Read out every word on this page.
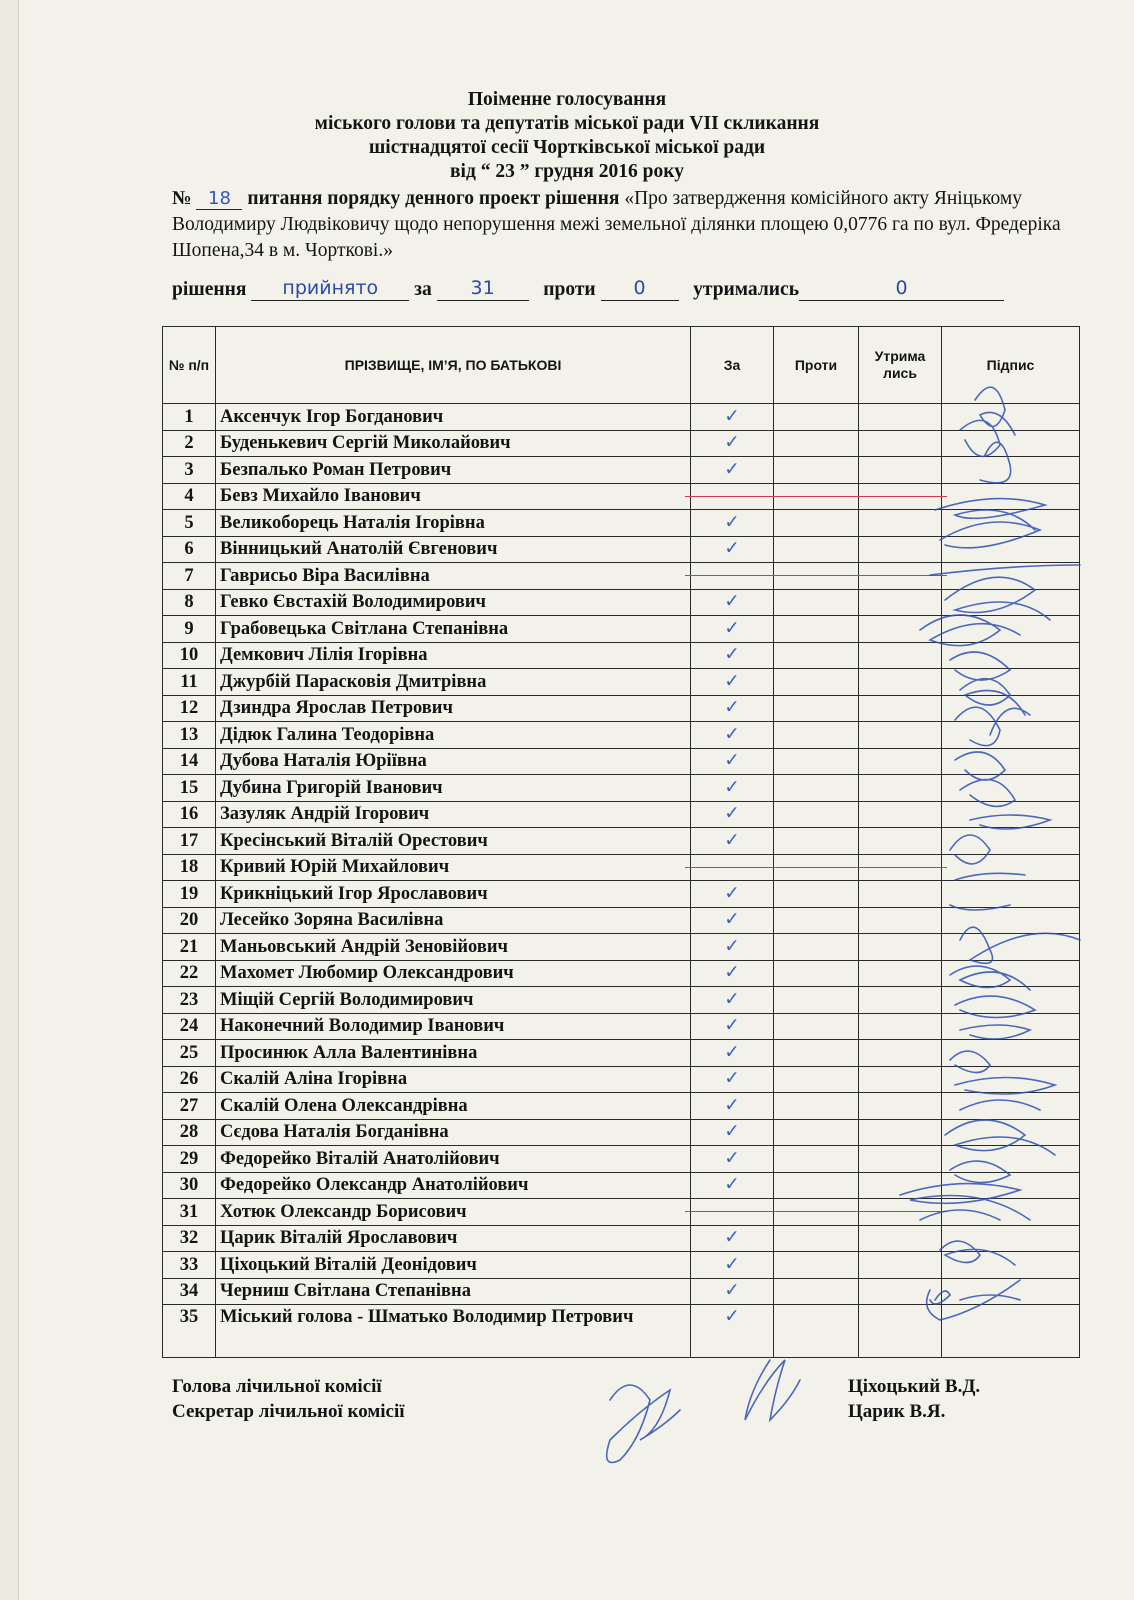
Поіменне голосування
міського голови та депутатів міської ради VII скликання
шістнадцятої сесії Чортківської міської ради
від “ 23 ” грудня 2016 року
№ 18 питання порядку денного проект рішення «Про затвердження комісійного акту Яніцькому Володимиру Людвіковичу щодо непорушення межі земельної ділянки площею 0,0776 га по вул. Фредеріка Шопена,34 в м. Чорткові.»
рішення прийнято за 31 проти 0 утримались	0
№ п/п	ПРІЗВИЩЕ, ІМ’Я, ПО БАТЬКОВІ	За	Проти	Утрима лись	Підпис
1	Аксенчук Ігор Богданович	✓			
2	Буденькевич Сергій Миколайович	✓			
3	Безпалько Роман Петрович	✓			
4	Бевз Михайло Іванович	

5	Великоборець Наталія Ігорівна	✓			
6	Вінницький Анатолій Євгенович	✓			
7	Гаврисьо Віра Василівна	

8	Гевко Євстахій Володимирович	✓			
9	Грабовецька Світлана Степанівна	✓			
10	Демкович Лілія Ігорівна	✓			
11	Джурбій Парасковія Дмитрівна	✓			
12	Дзиндра Ярослав Петрович	✓			
13	Дідюк Галина Теодорівна	✓			
14	Дубова Наталія Юріївна	✓			
15	Дубина Григорій Іванович	✓			
16	Зазуляк Андрій Ігорович	✓			
17	Кресінський Віталій Орестович	✓			
18	Кривий Юрій Михайлович	

19	Крикніцький Ігор Ярославович	✓			
20	Лесейко Зоряна Василівна	✓			
21	Маньовський Андрій Зеновійович	✓			
22	Махомет Любомир Олександрович	✓			
23	Міщій Сергій Володимирович	✓			
24	Наконечний Володимир Іванович	✓			
25	Просинюк Алла Валентинівна	✓			
26	Скалій Аліна Ігорівна	✓			
27	Скалій Олена Олександрівна	✓			
28	Сєдова Наталія Богданівна	✓			
29	Федорейко Віталій Анатолійович	✓			
30	Федорейко Олександр Анатолійович	✓			
31	Хотюк Олександр Борисович	

32	Царик Віталій Ярославович	✓			
33	Ціхоцький Віталій Деонідович	✓			
34	Черниш Світлана Степанівна	✓			
35	Міський голова - Шматько Володимир Петрович	✓			
Голова лічильної комісії	Ціхоцький В.Д.
Секретар лічильної комісії	Царик В.Я.
